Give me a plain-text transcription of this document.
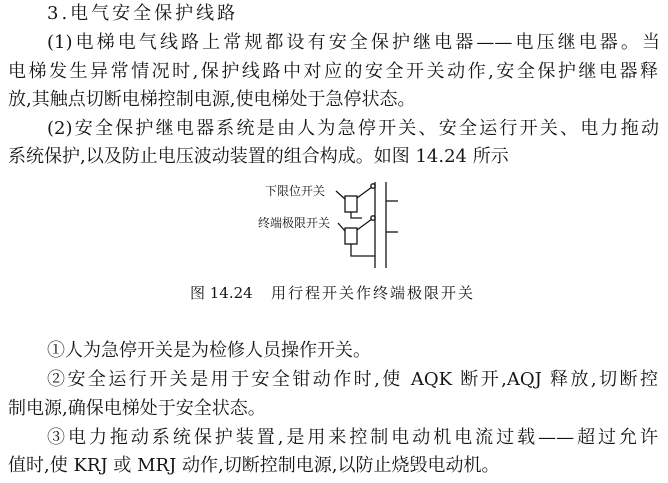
3.电气安全保护线路
(1)电梯电气线路上常规都设有安全保护继电器——电压继电器。当
电梯发生异常情况时,保护线路中对应的安全开关动作,安全保护继电器释
放,其触点切断电梯控制电源,使电梯处于急停状态。
(2)安全保护继电器系统是由人为急停开关、安全运行开关、电力拖动
系统保护,以及防止电压波动装置的组合构成。如图 14.24 所示
下限位开关
终端极限开关
图 14.24 用行程开关作终端极限开关
①人为急停开关是为检修人员操作开关。
②安全运行开关是用于安全钳动作时,使 AQK 断开,AQJ 释放,切断控
制电源,确保电梯处于安全状态。
③电力拖动系统保护装置,是用来控制电动机电流过载——超过允许
值时,使 KRJ 或 MRJ 动作,切断控制电源,以防止烧毁电动机。
